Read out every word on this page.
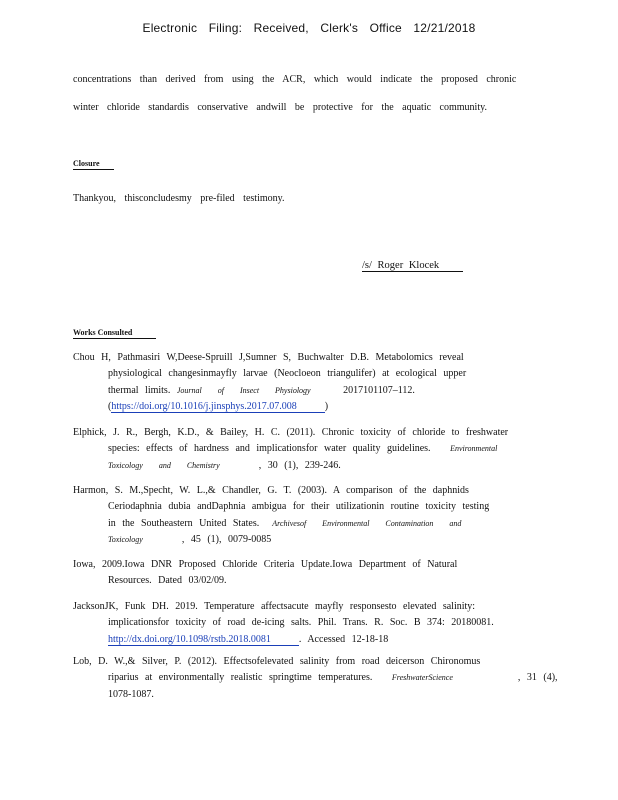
Electronic Filing: Received, Clerk's Office 12/21/2018
concentrations than derived from using the ACR, which would indicate the proposed chronic
winter chloride standardis conservative andwill be protective for the aquatic community.
Closure
Thankyou, thisconcludesmy pre-filed testimony.
/s/ Roger Klocek
Works Consulted
Chou H, Pathmasiri W,Deese-Spruill J,Sumner S, Buchwalter D.B. Metabolomics reveal
physiological changesinmayfly larvae (Neocloeon triangulifer) at ecological upper
thermal limits. Journal of Insect Physiology	2017101107–112.
(https://doi.org/10.1016/j.jinsphys.2017.07.008	)
Elphick, J. R., Bergh, K.D., & Bailey, H. C. (2011). Chronic toxicity of chloride to freshwater
species: effects of hardness and implicationsfor water quality guidelines. Environmental
Toxicology and Chemistry	, 30 (1), 239-246.
Harmon, S. M.,Specht, W. L.,& Chandler, G. T. (2003). A comparison of the daphnids
Ceriodaphnia dubia andDaphnia ambigua for their utilizationin routine toxicity testing
in the Southeastern United States. Archivesof Environmental Contamination and
Toxicology	, 45 (1), 0079-0085
Iowa, 2009.Iowa DNR Proposed Chloride Criteria Update.Iowa Department of Natural
Resources. Dated 03/02/09.
JacksonJK, Funk DH. 2019. Temperature affectsacute mayfly responsesto elevated salinity:
implicationsfor toxicity of road de-icing salts. Phil. Trans. R. Soc. B 374: 20180081.
http://dx.doi.org/10.1098/rstb.2018.0081	. Accessed 12-18-18
Lob, D. W.,& Silver, P. (2012). Effectsofelevated salinity from road deicerson Chironomus
riparius at environmentally realistic springtime temperatures. FreshwaterScience	, 31 (4),
1078-1087.
